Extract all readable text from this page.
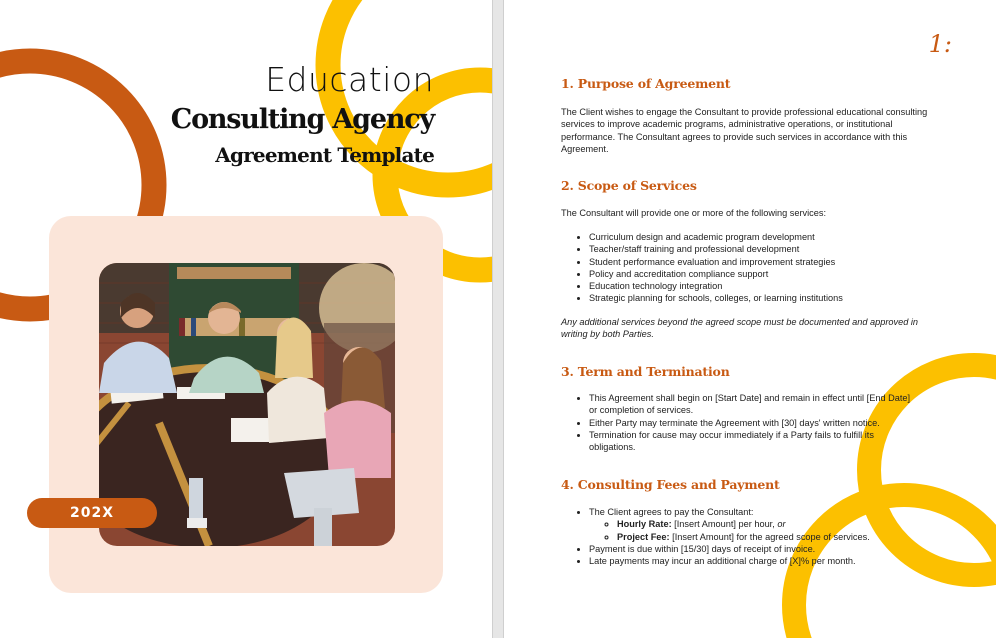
Education
Consulting Agency
Agreement Template
202X
1:
1. Purpose of Agreement

The Client wishes to engage the Consultant to provide professional educational consulting services to improve academic programs, administrative operations, or institutional performance. The Consultant agrees to provide such services in accordance with this Agreement.

2. Scope of Services

The Consultant will provide one or more of the following services:

• Curriculum design and academic program development
• Teacher/staff training and professional development
• Student performance evaluation and improvement strategies
• Policy and accreditation compliance support
• Education technology integration
• Strategic planning for schools, colleges, or learning institutions

Any additional services beyond the agreed scope must be documented and approved in writing by both Parties.

3. Term and Termination
• This Agreement shall begin on [Start Date] and remain in effect until [End Date] or completion of services.
• Either Party may terminate the Agreement with [30] days' written notice.
• Termination for cause may occur immediately if a Party fails to fulfill its obligations.
4. Consulting Fees and Payment
• The Client agrees to pay the Consultant:
◦ Hourly Rate: [Insert Amount] per hour, or
◦ Project Fee: [Insert Amount] for the agreed scope of services.
• Payment is due within [15/30] days of receipt of invoice.
• Late payments may incur an additional charge of [X]% per month.
